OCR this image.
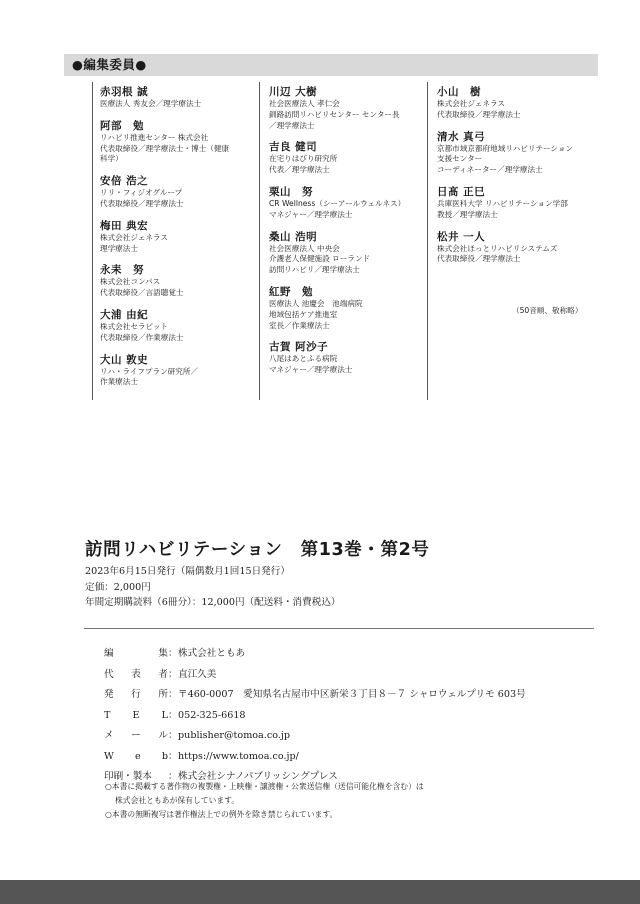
●編集委員●
赤羽根 誠
医療法人 秀友会／理学療法士
阿部　勉
リハビリ推進センター 株式会社
代表取締役／理学療法士・博士（健康
科学）
安倍 浩之
リリ・フィジオグループ
代表取締役／理学療法士
梅田 典宏
株式会社ジェネラス
理学療法士
永耒　努
株式会社コンパス
代表取締役／言語聴覚士
大浦 由紀
株式会社セラピット
代表取締役／作業療法士
大山 敦史
リハ・ライフプラン研究所／
作業療法士
川辺 大樹
社会医療法人 孝仁会
釧路訪問リハビリセンター センター長
／理学療法士
吉良 健司
在宅りはびり研究所
代表／理学療法士
栗山　努
CR Wellness（シーアールウェルネス）
マネジャー／理学療法士
桑山 浩明
社会医療法人 中央会
介護老人保健施設 ローランド
訪問リハビリ／理学療法士
紅野　勉
医療法人 池慶会　池端病院
地域包括ケア推進室
室長／作業療法士
古賀 阿沙子
八尾はあとふる病院
マネジャー／理学療法士
小山　樹
株式会社ジェネラス
代表取締役／理学療法士
清水 真弓
京都市域京都府地域リハビリテーション
支援センター
コーディネーター／理学療法士
日髙 正巳
兵庫医科大学 リハビリテーション学部
教授／理学療法士
松井 一人
株式会社ほっとリハビリシステムズ
代表取締役／理学療法士
（50音順、敬称略）
訪問リハビリテーション　第13巻・第2号
2023年6月15日発行（隔偶数月1回15日発行）
定価：2,000円
年間定期購読料（6冊分）：12,000円（配送料・消費税込）
編	集 ： 株式会社ともあ
代 表 者 ： 直江久美
発 行 所 ： 〒460-0007　愛知県名古屋市中区新栄３丁目８－７ シャロウェルプリモ 603号
T E L ： 052-325-6618
メ ー ル ： publisher@tomoa.co.jp
W e b ： https://www.tomoa.co.jp/
印刷・製本 ： 株式会社シナノパブリッシングプレス
○本書に掲載する著作物の複製権・上映権・譲渡権・公衆送信権（送信可能化権を含む）は
株式会社ともあが保有しています。
○本書の無断複写は著作権法上での例外を除き禁じられています。
